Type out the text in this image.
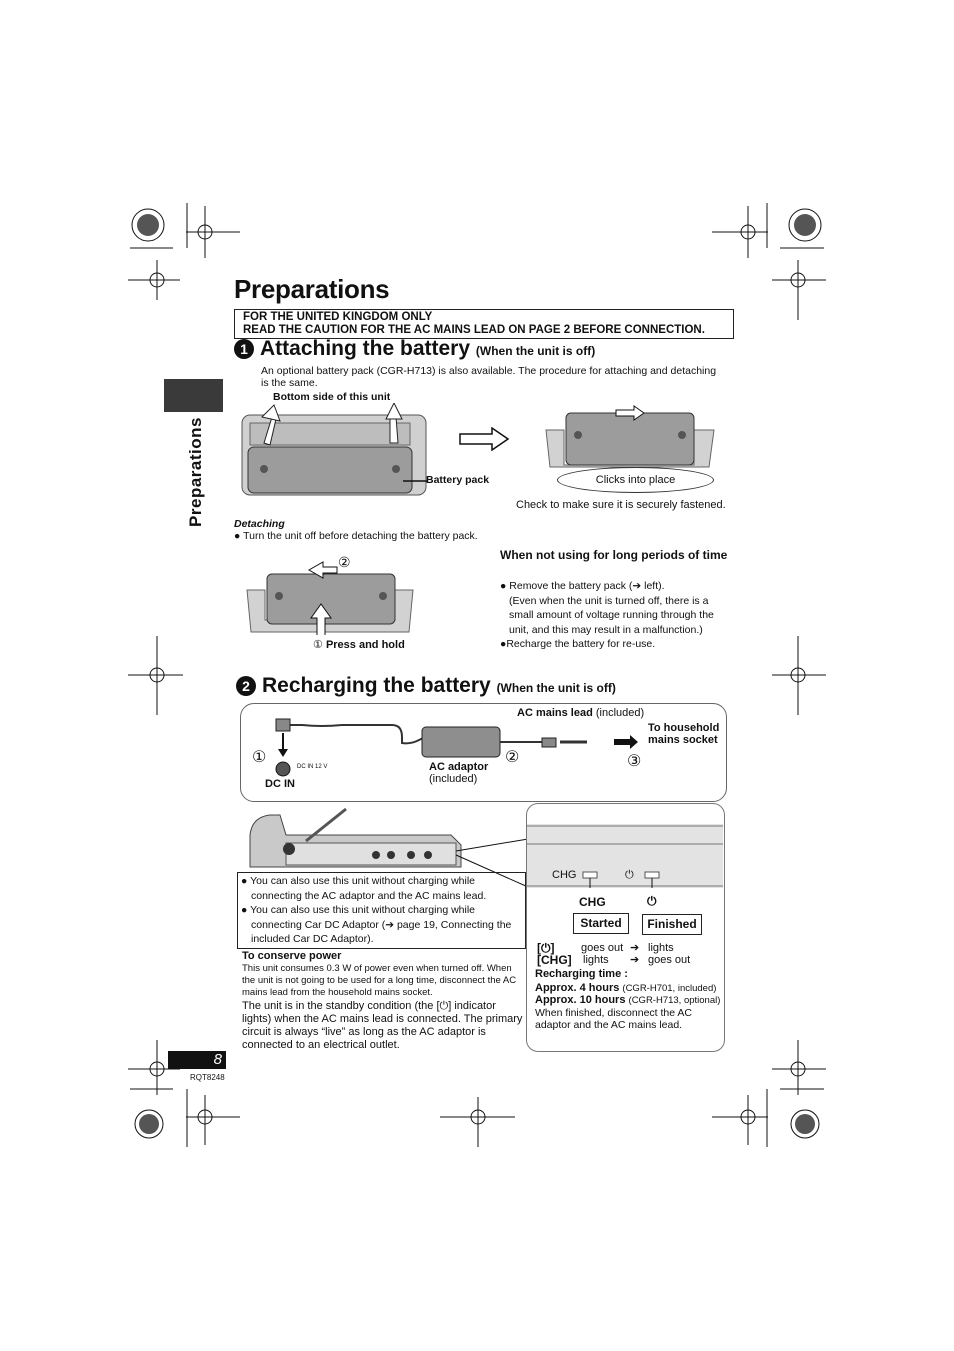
Preparations
FOR THE UNITED KINGDOM ONLY
READ THE CAUTION FOR THE AC MAINS LEAD ON PAGE 2 BEFORE CONNECTION.
Preparations
1 Attaching the battery (When the unit is off)
An optional battery pack (CGR-H713) is also available. The procedure for attaching and detaching is the same.
Bottom side of this unit
Battery pack	Clicks into place
Check to make sure it is securely fastened.
Detaching
● Turn the unit off before detaching the battery pack.
②
① Press and hold
When not using for long periods of time
● Remove the battery pack (➔ left).
(Even when the unit is turned off, there is a small amount of voltage running through the unit, and this may result in a malfunction.)
●Recharge the battery for re-use.
2 Recharging the battery (When the unit is off)
AC mains lead (included)
To household mains socket
①	②	③
DC IN 12 V
DC IN
AC adaptor
(included)
CHG	⏻
CHG	⏻
Started	Finished
[⏻] goes out ➔ lights
[CHG] lights ➔ goes out
Recharging time :
Approx. 4 hours (CGR-H701, included)
Approx. 10 hours (CGR-H713, optional)
When finished, disconnect the AC adaptor and the AC mains lead.
● You can also use this unit without charging while connecting the AC adaptor and the AC mains lead.
● You can also use this unit without charging while connecting Car DC Adaptor (➔ page 19, Connecting the included Car DC Adaptor).
To conserve power
This unit consumes 0.3 W of power even when turned off. When the unit is not going to be used for a long time, disconnect the AC mains lead from the household mains socket.
The unit is in the standby condition (the [⏻] indicator lights) when the AC mains lead is connected. The primary circuit is always “live” as long as the AC adaptor is connected to an electrical outlet.
8
RQT8248
